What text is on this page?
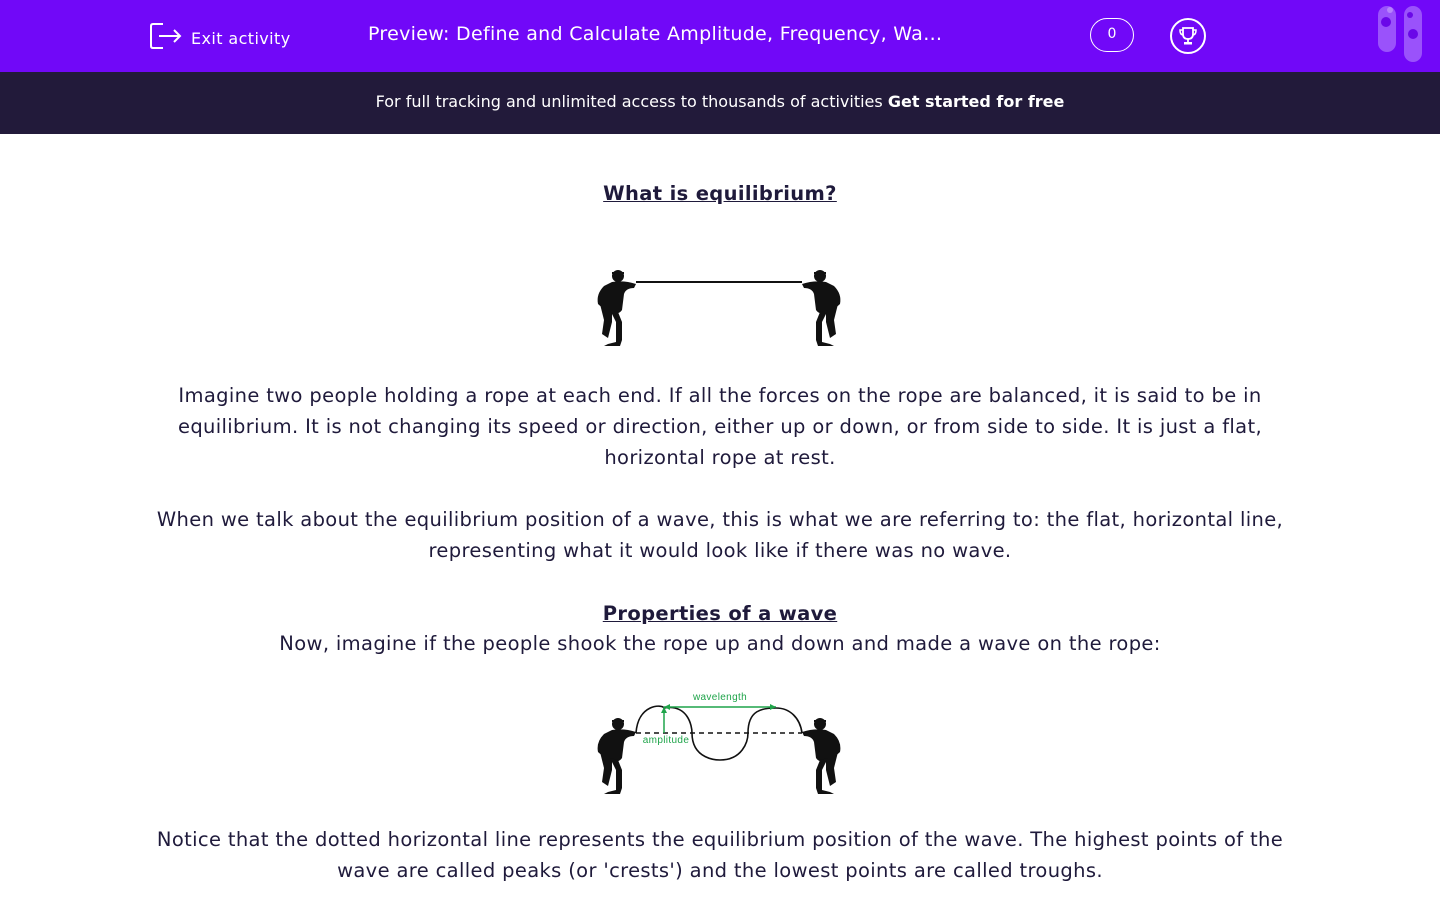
Exit activity	Preview: Define and Calculate Amplitude, Frequency, Wa…	0
For full tracking and unlimited access to thousands of activities Get started for free
What is equilibrium?
Imagine two people holding a rope at each end. If all the forces on the rope are balanced, it is said to be in equilibrium. It is not changing its speed or direction, either up or down, or from side to side. It is just a flat, horizontal rope at rest.
When we talk about the equilibrium position of a wave, this is what we are referring to: the flat, horizontal line, representing what it would look like if there was no wave.
Properties of a wave
Now, imagine if the people shook the rope up and down and made a wave on the rope:
wavelength
amplitude
Notice that the dotted horizontal line represents the equilibrium position of the wave. The highest points of the wave are called peaks (or 'crests') and the lowest points are called troughs.
